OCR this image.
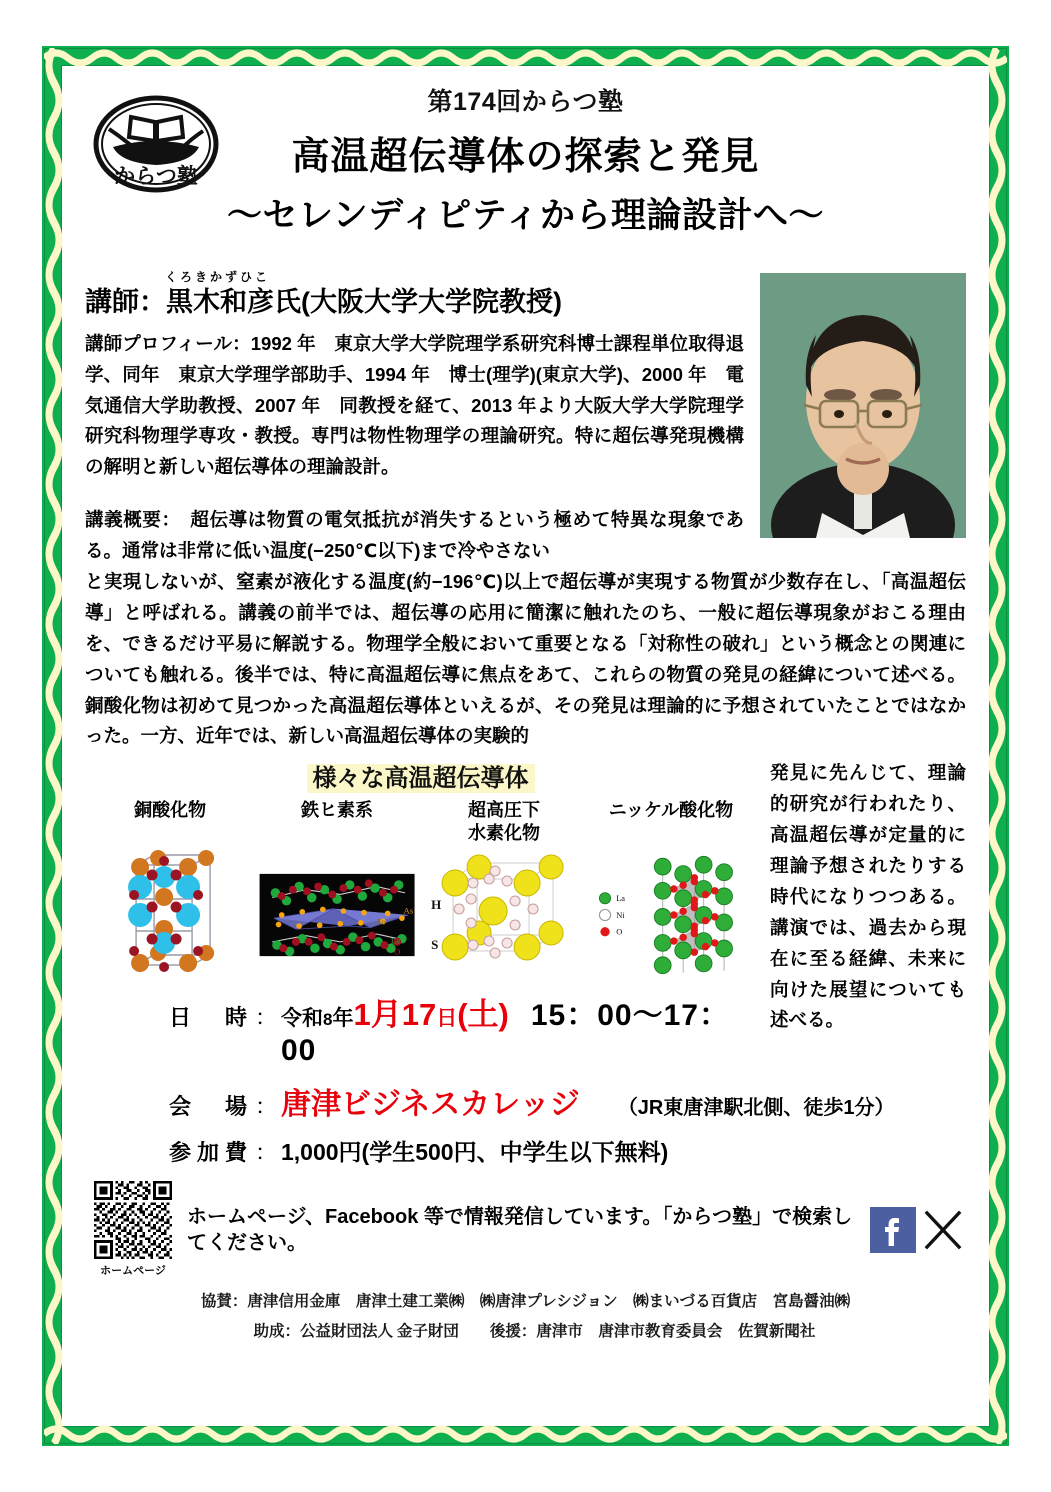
からつ塾
第174回からつ塾
高温超伝導体の探索と発見
～セレンディピティから理論設計へ～
くろきかずひこ
講師：黒木和彦氏(大阪大学大学院教授)
講師プロフィール：1992 年　東京大学大学院理学系研究科博士課程単位取得退学、同年　東京大学理学部助手、1994 年　博士(理学)(東京大学)、2000 年　電気通信大学助教授、2007 年　同教授を経て、2013 年より大阪大学大学院理学研究科物理学専攻・教授。専門は物性物理学の理論研究。特に超伝導発現機構の解明と新しい超伝導体の理論設計。
講義概要：　超伝導は物質の電気抵抗が消失するという極めて特異な現象である。通常は非常に低い温度(−250℃以下)まで冷やさない
と実現しないが、窒素が液化する温度(約−196℃)以上で超伝導が実現する物質が少数存在し、「高温超伝導」と呼ばれる。講義の前半では、超伝導の応用に簡潔に触れたのち、一般に超伝導現象がおこる理由を、できるだけ平易に解説する。物理学全般において重要となる「対称性の破れ」という概念との関連についても触れる。後半では、特に高温超伝導に焦点をあて、これらの物質の発見の経緯について述べる。銅酸化物は初めて見つかった高温超伝導体といえるが、その発見は理論的に予想されていたことではなかった。一方、近年では、新しい高温超伝導体の実験的
発見に先んじて、理論的研究が行われたり、高温超伝導が定量的に理論予想されたりする時代になりつつある。講演では、過去から現在に至る経緯、未来に向けた展望についても述べる。
様々な高温超伝導体
銅酸化物	鉄ヒ素系
As
Fe
La
O
超高圧下
水素化物
H
S
ニッケル酸化物
La
Ni
O
日　時 ： 令和8年1月17日(土) 15：00～17：00
会　場 ： 唐津ビジネスカレッジ （JR東唐津駅北側、徒歩1分）
参加費 ： 1,000円(学生500円、中学生以下無料)
ホームページ
ホームページ、Facebook 等で情報発信しています。「からつ塾」で検索してください。
協賛：唐津信用金庫　唐津土建工業㈱　㈱唐津プレシジョン　㈱まいづる百貨店　宮島醤油㈱
助成：公益財団法人 金子財団　　後援：唐津市　唐津市教育委員会　佐賀新聞社
